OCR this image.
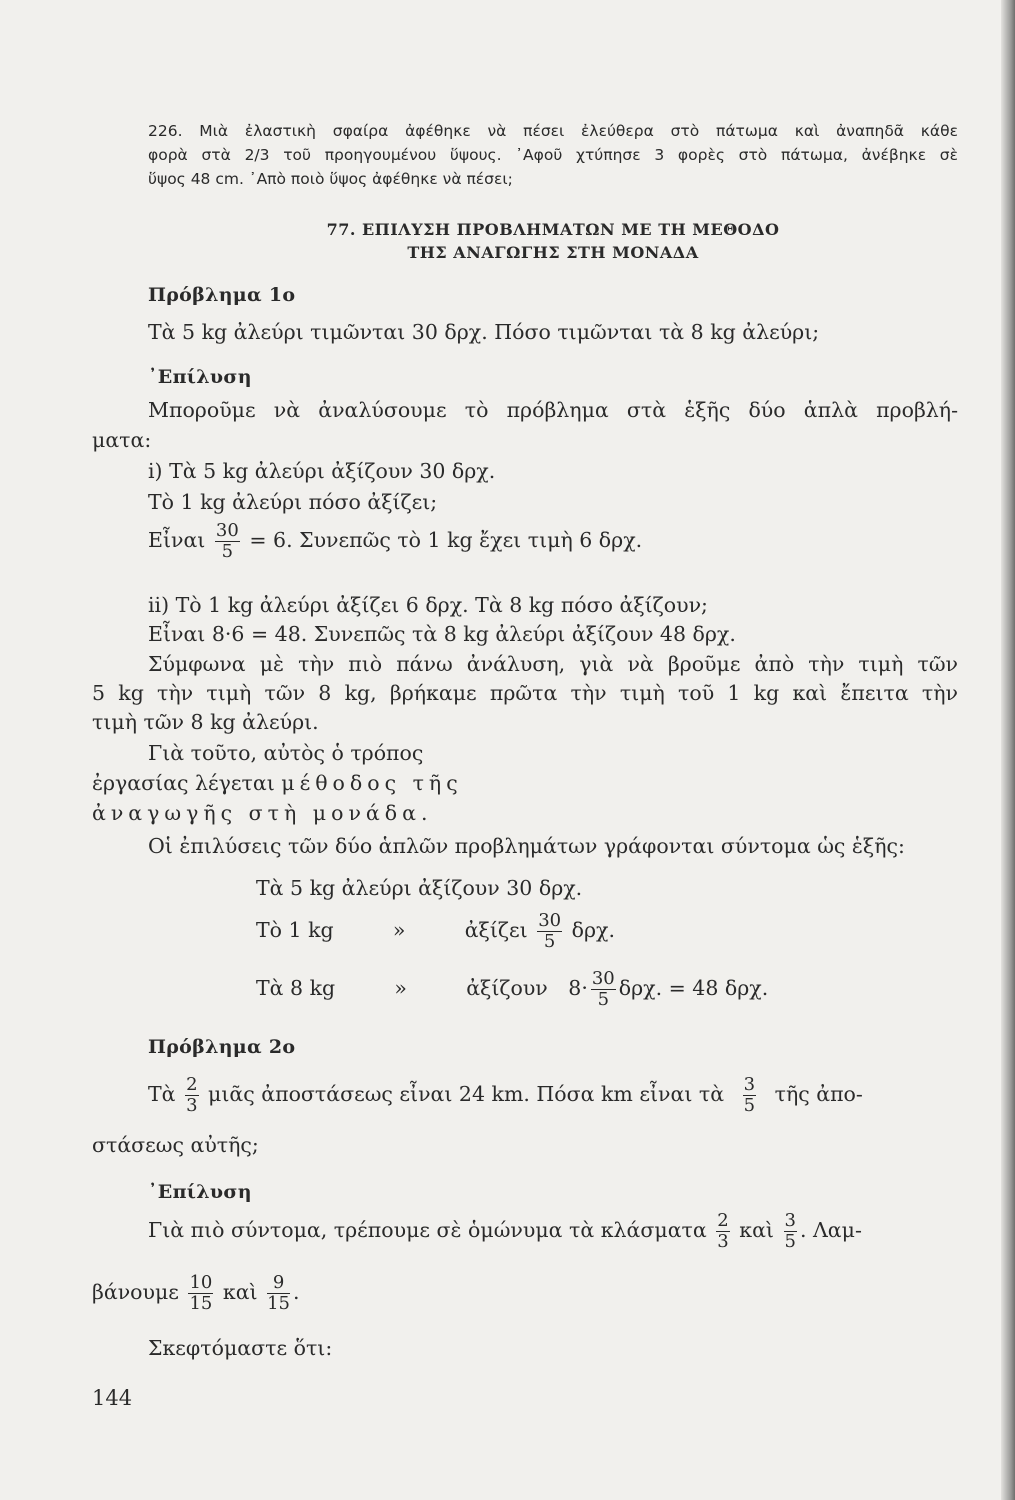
226. Μιὰ ἐλαστικὴ σφαίρα ἀφέθηκε νὰ πέσει ἐλεύθερα στὸ πάτωμα καὶ ἀναπηδᾶ κάθε

φορὰ στὰ 2/3 τοῦ προηγουμένου ὕψους. ᾽Αφοῦ χτύπησε 3 φορὲς στὸ πάτωμα, ἀνέβηκε σὲ

ὕψος 48 cm. ᾽Απὸ ποιὸ ὕψος ἀφέθηκε νὰ πέσει;

77. ΕΠΙΛΥΣΗ ΠΡΟΒΛΗΜΑΤΩΝ ΜΕ ΤΗ ΜΕΘΟΔΟ
ΤΗΣ ΑΝΑΓΩΓΗΣ ΣΤΗ ΜΟΝΑΔΑ
Πρόβλημα 1ο
Τὰ 5 kg ἀλεύρι τιμῶνται 30 δρχ. Πόσο τιμῶνται τὰ 8 kg ἀλεύρι;
᾽Επίλυση
Μποροῦμε νὰ ἀναλύσουμε τὸ πρόβλημα στὰ ἑξῆς δύο ἁπλὰ προβλή-
ματα:
i) Τὰ 5 kg ἀλεύρι ἀξίζουν 30 δρχ.
Τὸ 1 kg ἀλεύρι πόσο ἀξίζει;
Εἶναι $\frac{30}{5} = 6$. Συνεπῶς τὸ 1 kg ἔχει τιμὴ 6 δρχ.
ii) Τὸ 1 kg ἀλεύρι ἀξίζει 6 δρχ. Τὰ 8 kg πόσο ἀξίζουν;
Εἶναι 8·6 = 48. Συνεπῶς τὰ 8 kg ἀλεύρι ἀξίζουν 48 δρχ.
Σύμφωνα μὲ τὴν πιὸ πάνω ἀνάλυση, γιὰ νὰ βροῦμε ἀπὸ τὴν τιμὴ τῶν
5 kg τὴν τιμὴ τῶν 8 kg, βρήκαμε πρῶτα τὴν τιμὴ τοῦ 1 kg καὶ ἔπειτα τὴν
τιμὴ τῶν 8 kg ἀλεύρι.
Γιὰ τοῦτο, αὐτὸς ὁ τρόπος
ἐργασίας λέγεται μέθοδος τῆς
ἀναγωγῆς στὴ μονάδα.
Οἱ ἐπιλύσεις τῶν δύο ἁπλῶν προβλημάτων γράφονται σύντομα ὡς ἑξῆς:
Τὰ 5 kg ἀλεύρι ἀξίζουν 30 δρχ.
Τὸ 1 kg	»	ἀξίζει $\frac{30}{5} \delta\rho\chi$.
Τὰ 8 kg	»	ἀξίζουν $8\cdot \frac{30}{5} \delta\rho\chi$. = 48 δρχ.
Πρόβλημα 2ο
Τὰ $\frac{2}{3}$ μιᾶς ἀποστάσεως εἶναι 24 km. Πόσα km εἶναι τὰ $\frac{3}{5}$ τῆς ἀπο-
στάσεως αὐτῆς;
᾽Επίλυση
Γιὰ πιὸ σύντομα, τρέπουμε σὲ ὁμώνυμα τὰ κλάσματα $\frac{2}{3}$ καὶ $\frac{3}{5}$ . Λαμ-
βάνουμε $\frac{10}{15}$ καὶ $\frac{9}{15}$ .
Σκεφτόμαστε ὅτι:
144
